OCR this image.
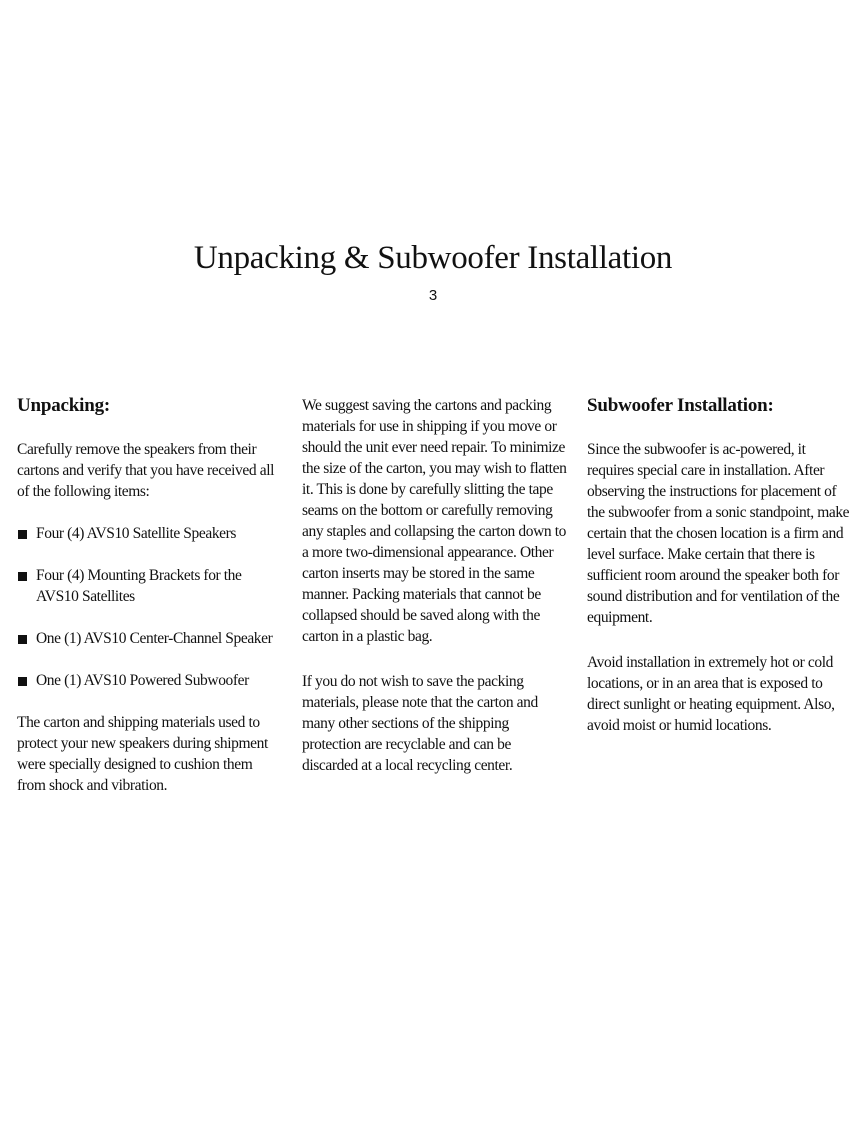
Unpacking & Subwoofer Installation
3
Unpacking:

Carefully remove the speakers from their cartons and verify that you have received all of the following items:

Four (4) AVS10 Satellite Speakers
Four (4) Mounting Brackets for the AVS10 Satellites
One (1) AVS10 Center-Channel Speaker
One (1) AVS10 Powered Subwoofer

The carton and shipping materials used to protect your new speakers during shipment were specially designed to cushion them from shock and vibration.

We suggest saving the cartons and packing materials for use in shipping if you move or should the unit ever need repair. To minimize the size of the carton, you may wish to flatten it. This is done by carefully slitting the tape seams on the bottom or carefully removing any staples and collapsing the carton down to a more two-dimensional appearance. Other carton inserts may be stored in the same manner. Packing materials that cannot be collapsed should be saved along with the carton in a plastic bag.

If you do not wish to save the packing materials, please note that the carton and many other sections of the shipping protection are recyclable and can be discarded at a local recycling center.

Subwoofer Installation:

Since the subwoofer is ac-powered, it requires special care in installation. After observing the instructions for placement of the subwoofer from a sonic standpoint, make certain that the chosen location is a firm and level surface. Make certain that there is sufficient room around the speaker both for sound distribution and for ventilation of the equipment.

Avoid installation in extremely hot or cold locations, or in an area that is exposed to direct sunlight or heating equipment. Also, avoid moist or humid locations.
